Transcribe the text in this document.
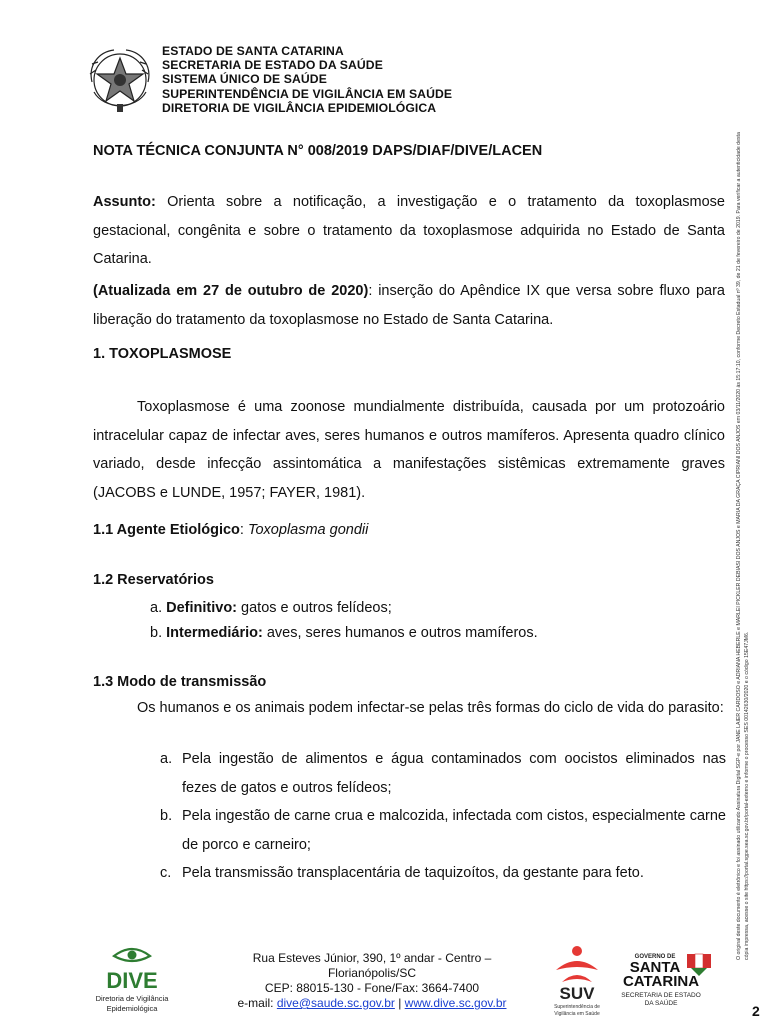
ESTADO DE SANTA CATARINA
SECRETARIA DE ESTADO DA SAÚDE
SISTEMA ÚNICO DE SAÚDE
SUPERINTENDÊNCIA DE VIGILÂNCIA EM SAÚDE
DIRETORIA DE VIGILÂNCIA EPIDEMIOLÓGICA
NOTA TÉCNICA CONJUNTA N° 008/2019 DAPS/DIAF/DIVE/LACEN
Assunto: Orienta sobre a notificação, a investigação e o tratamento da toxoplasmose gestacional, congênita e sobre o tratamento da toxoplasmose adquirida no Estado de Santa Catarina.
(Atualizada em 27 de outubro de 2020): inserção do Apêndice IX que versa sobre fluxo para liberação do tratamento da toxoplasmose no Estado de Santa Catarina.
1. TOXOPLASMOSE
Toxoplasmose é uma zoonose mundialmente distribuída, causada por um protozoário intracelular capaz de infectar aves, seres humanos e outros mamíferos. Apresenta quadro clínico variado, desde infecção assintomática a manifestações sistêmicas extremamente graves (JACOBS e LUNDE, 1957; FAYER, 1981).
1.1 Agente Etiológico: Toxoplasma gondii
1.2 Reservatórios
a. Definitivo: gatos e outros felídeos;
b. Intermediário: aves, seres humanos e outros mamíferos.
1.3 Modo de transmissão
Os humanos e os animais podem infectar-se pelas três formas do ciclo de vida do parasito:
a. Pela ingestão de alimentos e água contaminados com oocistos eliminados nas fezes de gatos e outros felídeos;
b. Pela ingestão de carne crua e malcozida, infectada com cistos, especialmente carne de porco e carneiro;
c. Pela transmissão transplacentária de taquizoítos, da gestante para feto.	O original deste documento é eletrônico e foi assinado utilizando Assinatura Digital SGP-e por JANE LAIER CARDOSO e ADRIANA HEBERLE e MARLEI PICKLER DEBIASI DOS ANJOS e MARIA DA GRAÇA CIPRIANI DOS ANJOS em 03/11/2020 às 15:17:10, conforme Decreto Estadual nº 39, de 21 de fevereiro de 2019. Para verificar a autenticidade desta cópia impressa, acesse o site https://portal.sgpe.sea.sc.gov.br/portal-externo e informe o processo SES 00142630/2020 e o código 15E47JM6.
DIVE
Diretoria de Vigilância
Epidemiológica
Rua Esteves Júnior, 390, 1º andar - Centro –
Florianópolis/SC
CEP: 88015-130 - Fone/Fax: 3664-7400
e-mail: dive@saude.sc.gov.br | www.dive.sc.gov.br	SUV
Superintendência de
Vigilância em Saúde
GOVERNO DE
SANTA
CATARINA
SECRETARIA DE ESTADO
DA SAÚDE	2
